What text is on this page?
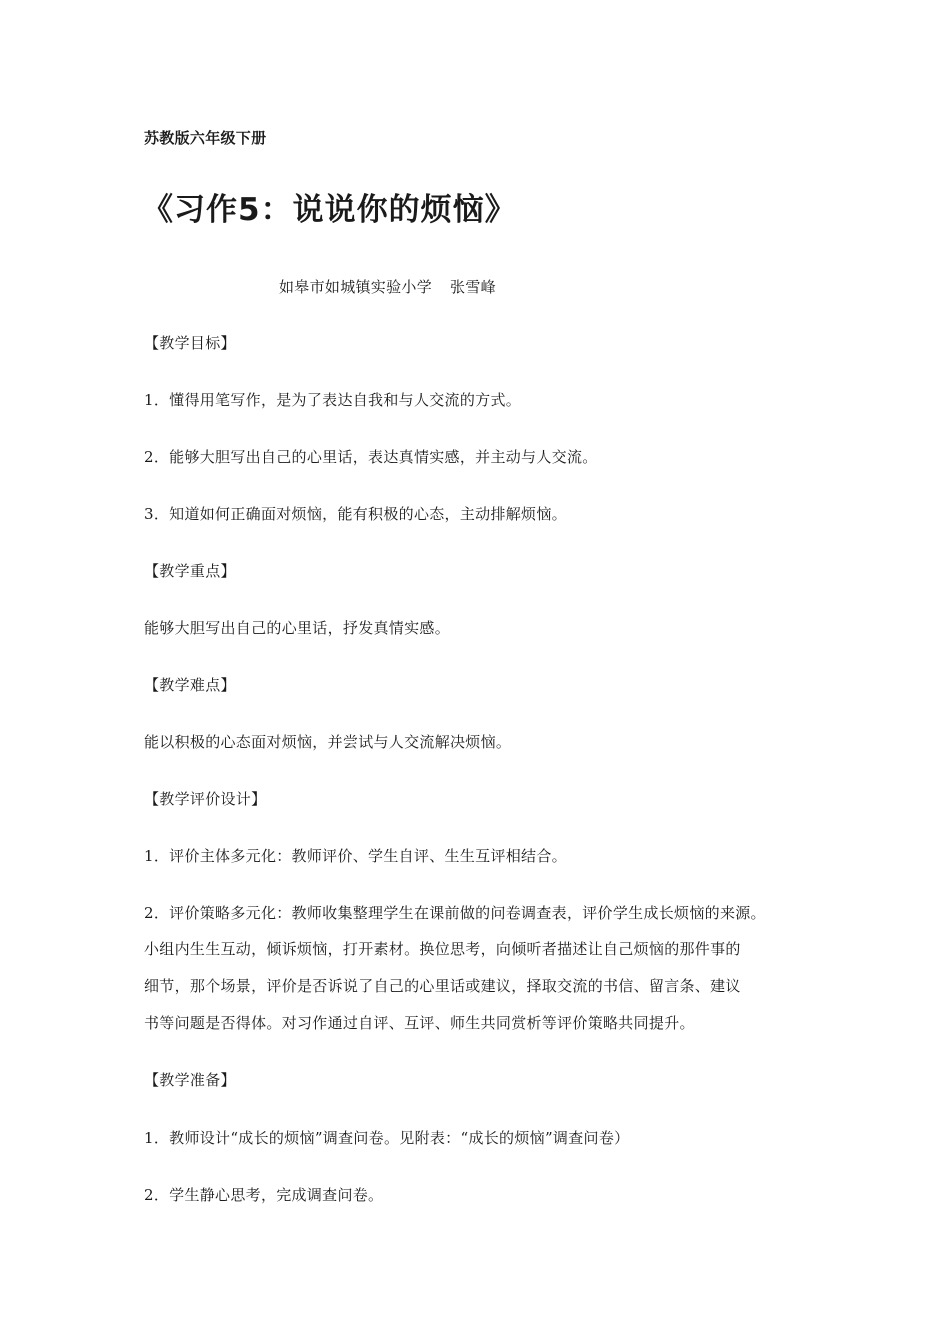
苏教版六年级下册
《习作5：说说你的烦恼》
如皋市如城镇实验小学 张雪峰
【教学目标】
1．懂得用笔写作，是为了表达自我和与人交流的方式。
2．能够大胆写出自己的心里话，表达真情实感，并主动与人交流。
3．知道如何正确面对烦恼，能有积极的心态，主动排解烦恼。
【教学重点】
能够大胆写出自己的心里话，抒发真情实感。
【教学难点】
能以积极的心态面对烦恼，并尝试与人交流解决烦恼。
【教学评价设计】
1．评价主体多元化：教师评价、学生自评、生生互评相结合。
2．评价策略多元化：教师收集整理学生在课前做的问卷调查表，评价学生成长烦恼的来源。
小组内生生互动，倾诉烦恼，打开素材。换位思考，向倾听者描述让自己烦恼的那件事的
细节，那个场景，评价是否诉说了自己的心里话或建议，择取交流的书信、留言条、建议
书等问题是否得体。对习作通过自评、互评、师生共同赏析等评价策略共同提升。
【教学准备】
1．教师设计“成长的烦恼”调查问卷。见附表：“成长的烦恼”调查问卷）
2．学生静心思考，完成调查问卷。
